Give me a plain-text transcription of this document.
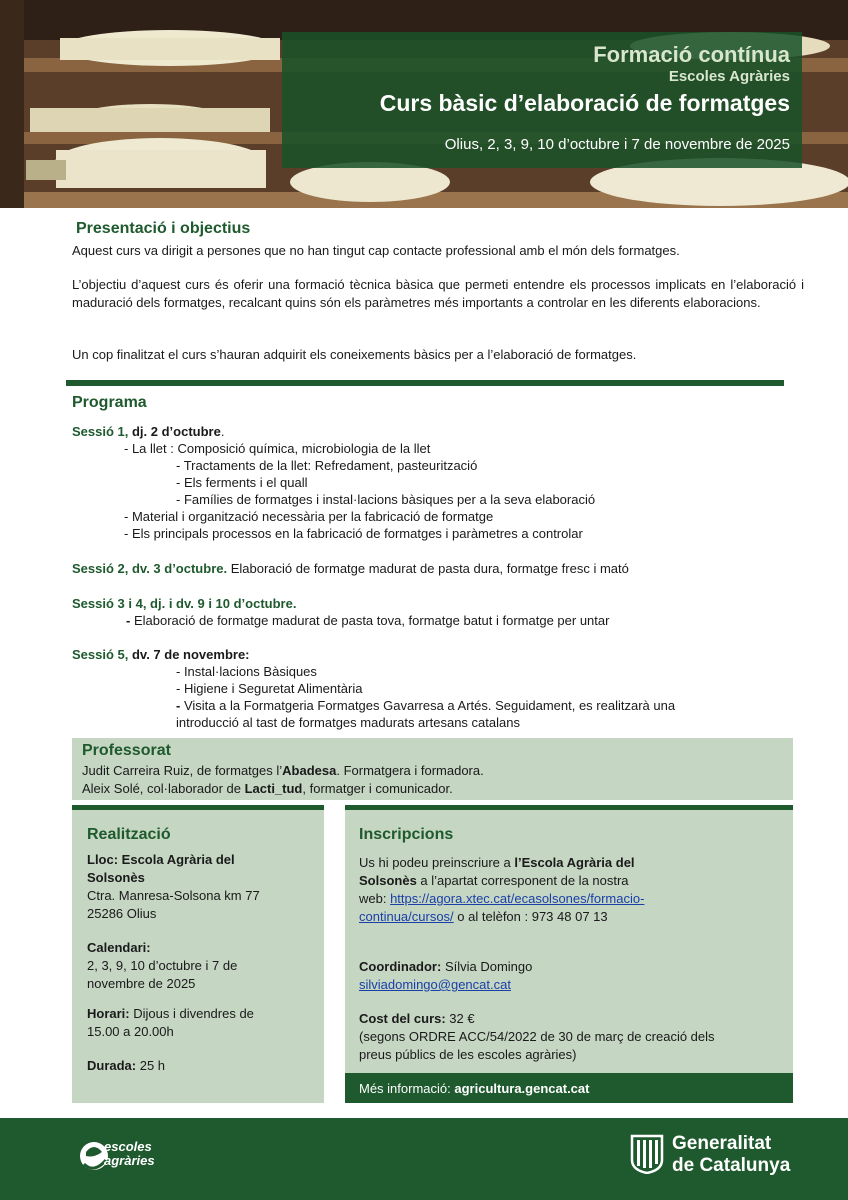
Formació contínua
Escoles Agràries
Curs bàsic d’elaboració de formatges
Olius, 2, 3, 9, 10 d’octubre i 7 de novembre de 2025
Presentació i objectius
Aquest curs va dirigit a persones que no han tingut cap contacte professional amb el món dels formatges.
L’objectiu d’aquest curs és oferir una formació tècnica bàsica que permeti entendre els processos implicats en l’elaboració i maduració dels formatges, recalcant quins són els paràmetres més importants a controlar en les diferents elaboracions.
Un cop finalitzat el curs s’hauran adquirit els coneixements bàsics per a l’elaboració de formatges.
Programa
Sessió 1, dj. 2 d’octubre.
- La llet : Composició química, microbiologia de la llet
- Tractaments de la llet: Refredament, pasteurització
- Els ferments i el quall
- Famílies de formatges i instal·lacions bàsiques per a la seva elaboració
- Material i organització necessària per la fabricació de formatge
- Els principals processos en la fabricació de formatges i paràmetres a controlar
Sessió 2, dv. 3 d’octubre. Elaboració de formatge madurat de pasta dura, formatge fresc i mató
Sessió 3 i 4, dj. i dv. 9 i 10 d’octubre.
- Elaboració de formatge madurat de pasta tova, formatge batut i formatge per untar
Sessió 5, dv. 7 de novembre:
- Instal·lacions Bàsiques
- Higiene i Seguretat Alimentària
- Visita a la Formatgeria Formatges Gavarresa a Artés. Seguidament, es realitzarà una
introducció al tast de formatges madurats artesans catalans
Professorat
Judit Carreira Ruiz, de formatges l’Abadesa. Formatgera i formadora.
Aleix Solé, col·laborador de Lacti_tud, formatger i comunicador.
Realització
Lloc: Escola Agrària del
Solsonès
Ctra. Manresa-Solsona km 77
25286 Olius
Calendari:
2, 3, 9, 10 d’octubre i 7 de
novembre de 2025
Horari: Dijous i divendres de
15.00 a 20.00h
Durada: 25 h
Inscripcions
Us hi podeu preinscriure a l’Escola Agrària del
Solsonès a l’apartat corresponent de la nostra
web: https://agora.xtec.cat/ecasolsones/formacio-
continua/cursos/ o al telèfon : 973 48 07 13
Coordinador: Sílvia Domingo
silviadomingo@gencat.cat
Cost del curs: 32 €
(segons ORDRE ACC/54/2022 de 30 de març de creació dels
preus públics de les escoles agràries)
Més informació: agricultura.gencat.cat
escoles
agràries
Generalitat
de Catalunya
